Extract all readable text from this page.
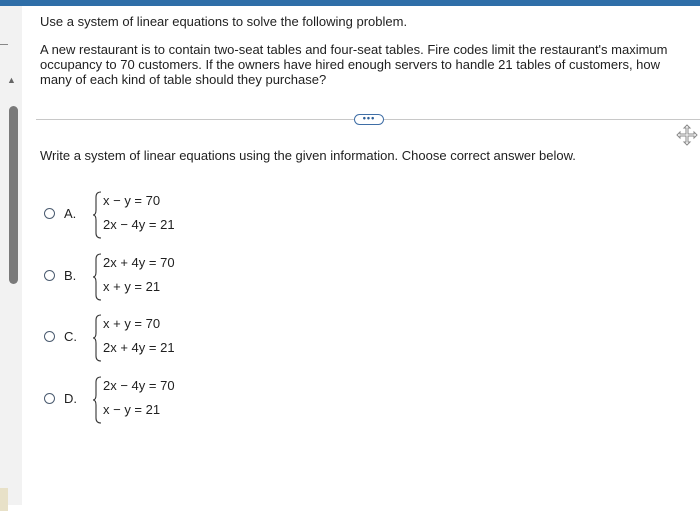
▲
Use a system of linear equations to solve the following problem.
A new restaurant is to contain two-seat tables and four-seat tables. Fire codes limit the restaurant's maximum occupancy to 70 customers. If the owners have hired enough servers to handle 21 tables of customers, how many of each kind of table should they purchase?
•••
Write a system of linear equations using the given information. Choose correct answer below.
A.
x − y = 70
2x − 4y = 21
B.
2x + 4y = 70
x + y = 21
C.
x + y = 70
2x + 4y = 21
D.
2x − 4y = 70
x − y = 21
